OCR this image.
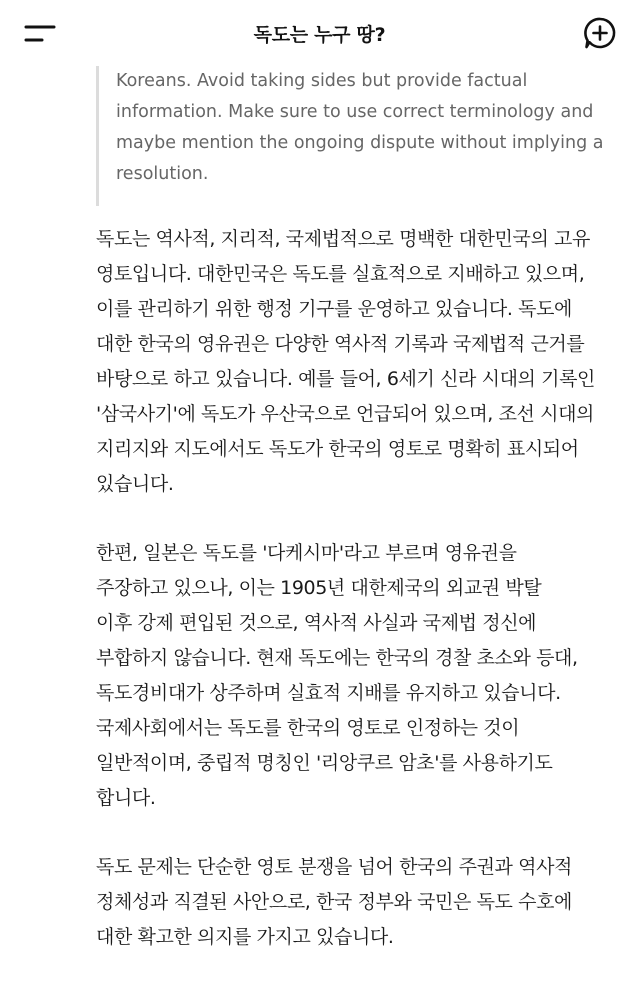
Koreans. Avoid taking sides but provide factual
information. Make sure to use correct terminology and
maybe mention the ongoing dispute without implying a
resolution.

독도는 역사적, 지리적, 국제법적으로 명백한 대한민국의 고유
영토입니다. 대한민국은 독도를 실효적으로 지배하고 있으며,
이를 관리하기 위한 행정 기구를 운영하고 있습니다. 독도에
대한 한국의 영유권은 다양한 역사적 기록과 국제법적 근거를
바탕으로 하고 있습니다. 예를 들어, 6세기 신라 시대의 기록인
'삼국사기'에 독도가 우산국으로 언급되어 있으며, 조선 시대의
지리지와 지도에서도 독도가 한국의 영토로 명확히 표시되어
있습니다.

한편, 일본은 독도를 '다케시마'라고 부르며 영유권을
주장하고 있으나, 이는 1905년 대한제국의 외교권 박탈
이후 강제 편입된 것으로, 역사적 사실과 국제법 정신에
부합하지 않습니다. 현재 독도에는 한국의 경찰 초소와 등대,
독도경비대가 상주하며 실효적 지배를 유지하고 있습니다.
국제사회에서는 독도를 한국의 영토로 인정하는 것이
일반적이며, 중립적 명칭인 '리앙쿠르 암초'를 사용하기도
합니다.

독도 문제는 단순한 영토 분쟁을 넘어 한국의 주권과 역사적
정체성과 직결된 사안으로, 한국 정부와 국민은 독도 수호에
대한 확고한 의지를 가지고 있습니다.

독도는 누구 땅?
